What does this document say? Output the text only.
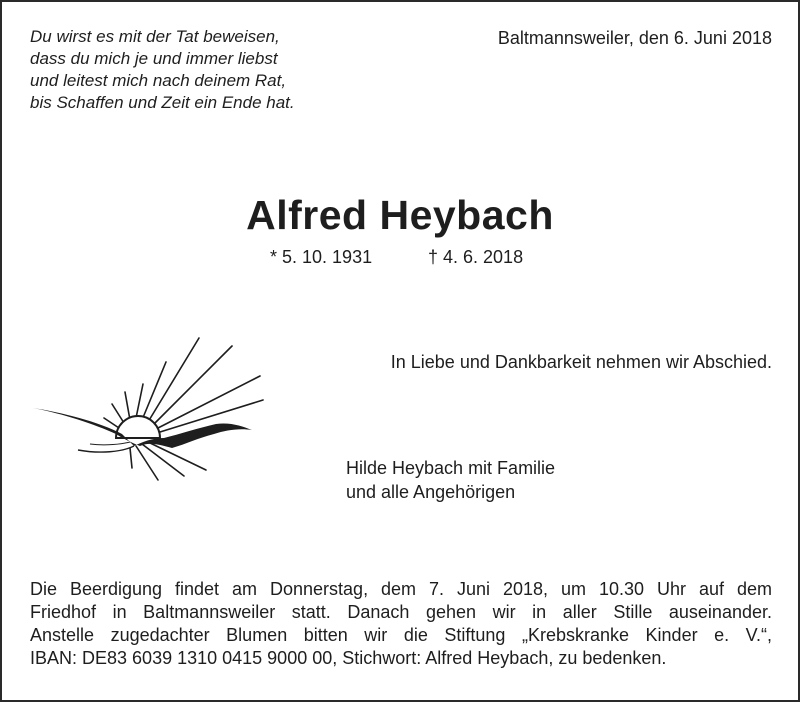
Du wirst es mit der Tat beweisen,
dass du mich je und immer liebst
und leitest mich nach deinem Rat,
bis Schaffen und Zeit ein Ende hat.
Baltmannsweiler, den 6. Juni 2018
Alfred Heybach
* 5. 10. 1931	† 4. 6. 2018
In Liebe und Dankbarkeit nehmen wir Abschied.
Hilde Heybach mit Familie
und alle Angehörigen

Die Beerdigung findet am Donnerstag, dem 7. Juni 2018, um 10.30 Uhr auf dem

Friedhof in Baltmannsweiler statt. Danach gehen wir in aller Stille auseinander.

Anstelle zugedachter Blumen bitten wir die Stiftung „Krebskranke Kinder e. V.“,

IBAN: DE83 6039 1310 0415 9000 00, Stichwort: Alfred Heybach, zu bedenken.
